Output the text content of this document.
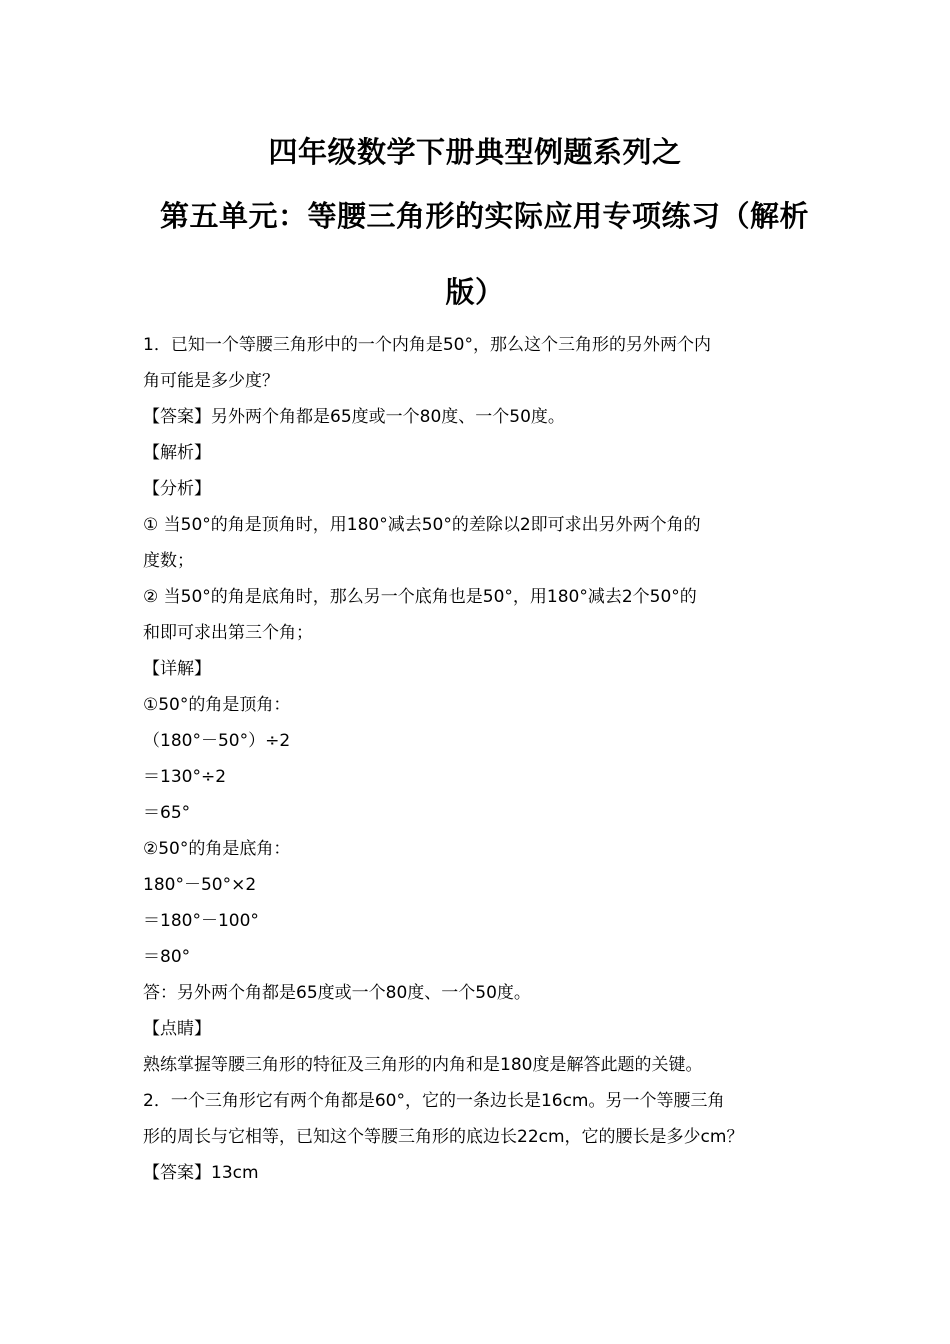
四年级数学下册典型例题系列之
第五单元：等腰三角形的实际应用专项练习（解析
版）
1．已知一个等腰三角形中的一个内角是50°，那么这个三角形的另外两个内
角可能是多少度？
【答案】另外两个角都是65度或一个80度、一个50度。
【解析】
【分析】
① 当50°的角是顶角时，用180°减去50°的差除以2即可求出另外两个角的
度数；
② 当50°的角是底角时，那么另一个底角也是50°，用180°减去2个50°的
和即可求出第三个角；
【详解】
①50°的角是顶角：
（180°－50°）÷2
＝130°÷2
＝65°
②50°的角是底角：
180°－50°×2
＝180°－100°
＝80°
答：另外两个角都是65度或一个80度、一个50度。
【点睛】
熟练掌握等腰三角形的特征及三角形的内角和是180度是解答此题的关键。
2．一个三角形它有两个角都是60°，它的一条边长是16cm。另一个等腰三角
形的周长与它相等，已知这个等腰三角形的底边长22cm，它的腰长是多少cm？
【答案】13cm
